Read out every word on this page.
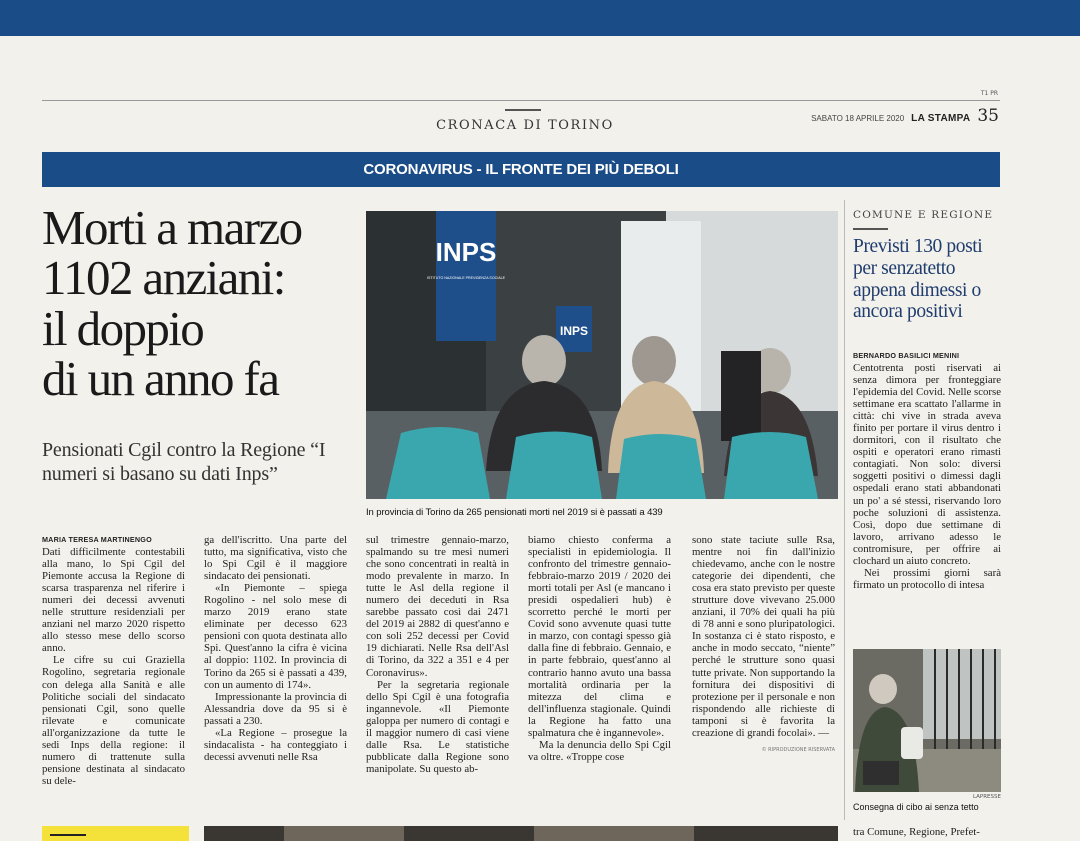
T1 PR
CRONACA DI TORINO	SABATO 18 APRILE 2020 LA STAMPA 35
CORONAVIRUS - IL FRONTE DEI PIÙ DEBOLI
Morti a marzo
1102 anziani:
il doppio
di un anno fa
Pensionati Cgil contro la Regione “I numeri si basano su dati Inps”
INPS
ISTITUTO NAZIONALE PREVIDENZA SOCIALE
INPS
In provincia di Torino da 265 pensionati morti nel 2019 si è passati a 439
MARIA TERESA MARTINENGO

Dati difficilmente contestabili alla mano, lo Spi Cgil del Piemonte accusa la Regione di scarsa trasparenza nel riferire i numeri dei decessi avvenuti nelle strutture residenziali per anziani nel marzo 2020 rispetto allo stesso mese dello scorso anno.

Le cifre su cui Graziella Rogolino, segretaria regionale con delega alla Sanità e alle Politiche sociali del sindacato pensionati Cgil, sono quelle rilevate e comunicate all'organizzazione da tutte le sedi Inps della regione: il numero di trattenute sulla pensione destinata al sindacato su dele-

ga dell'iscritto. Una parte del tutto, ma significativa, visto che lo Spi Cgil è il maggiore sindacato dei pensionati.

«In Piemonte – spiega Rogolino - nel solo mese di marzo 2019 erano state eliminate per decesso 623 pensioni con quota destinata allo Spi. Quest'anno la cifra è vicina al doppio: 1102. In provincia di Torino da 265 si è passati a 439, con un aumento di 174».

Impressionante la provincia di Alessandria dove da 95 si è passati a 230.

«La Regione – prosegue la sindacalista - ha conteggiato i decessi avvenuti nelle Rsa

sul trimestre gennaio-marzo, spalmando su tre mesi numeri che sono concentrati in realtà in modo prevalente in marzo. In tutte le Asl della regione il numero dei deceduti in Rsa sarebbe passato così dai 2471 del 2019 ai 2882 di quest'anno e con soli 252 decessi per Covid 19 dichiarati. Nelle Rsa dell'Asl di Torino, da 322 a 351 e 4 per Coronavirus».

Per la segretaria regionale dello Spi Cgil è una fotografia ingannevole. «Il Piemonte galoppa per numero di contagi e il maggior numero di casi viene dalle Rsa. Le statistiche pubblicate dalla Regione sono manipolate. Su questo ab-

biamo chiesto conferma a specialisti in epidemiologia. Il confronto del trimestre gennaio-febbraio-marzo 2019 / 2020 dei morti totali per Asl (e mancano i presidi ospedalieri hub) è scorretto perché le morti per Covid sono avvenute quasi tutte in marzo, con contagi spesso già dalla fine di febbraio. Gennaio, e in parte febbraio, quest'anno al contrario hanno avuto una bassa mortalità ordinaria per la mitezza del clima e dell'influenza stagionale. Quindi la Regione ha fatto una spalmatura che è ingannevole».

Ma la denuncia dello Spi Cgil va oltre. «Troppe cose

sono state taciute sulle Rsa, mentre noi fin dall'inizio chiedevamo, anche con le nostre categorie dei dipendenti, che cosa era stato previsto per queste strutture dove vivevano 25.000 anziani, il 70% dei quali ha più di 78 anni e sono pluripatologici. In sostanza ci è stato risposto, e anche in modo seccato, “niente” perché le strutture sono quasi tutte private. Non supportando la fornitura dei dispositivi di protezione per il personale e non rispondendo alle richieste di tamponi si è favorita la creazione di grandi focolai». —

© RIPRODUZIONE RISERVATA
COMUNE E REGIONE
Previsti 130 posti per senzatetto appena dimessi o ancora positivi
BERNARDO BASILICI MENINI

Centotrenta posti riservati ai senza dimora per fronteggiare l'epidemia del Covid. Nelle scorse settimane era scattato l'allarme in città: chi vive in strada aveva finito per portare il virus dentro i dormitori, con il risultato che ospiti e operatori erano rimasti contagiati. Non solo: diversi soggetti positivi o dimessi dagli ospedali erano stati abbandonati un po' a sé stessi, riservando loro poche soluzioni di assistenza. Così, dopo due settimane di lavoro, arrivano adesso le contromisure, per offrire ai clochard un aiuto concreto.

Nei prossimi giorni sarà firmato un protocollo di intesa

LAPRESSE
Consegna di cibo ai senza tetto
tra Comune, Regione, Prefet-
